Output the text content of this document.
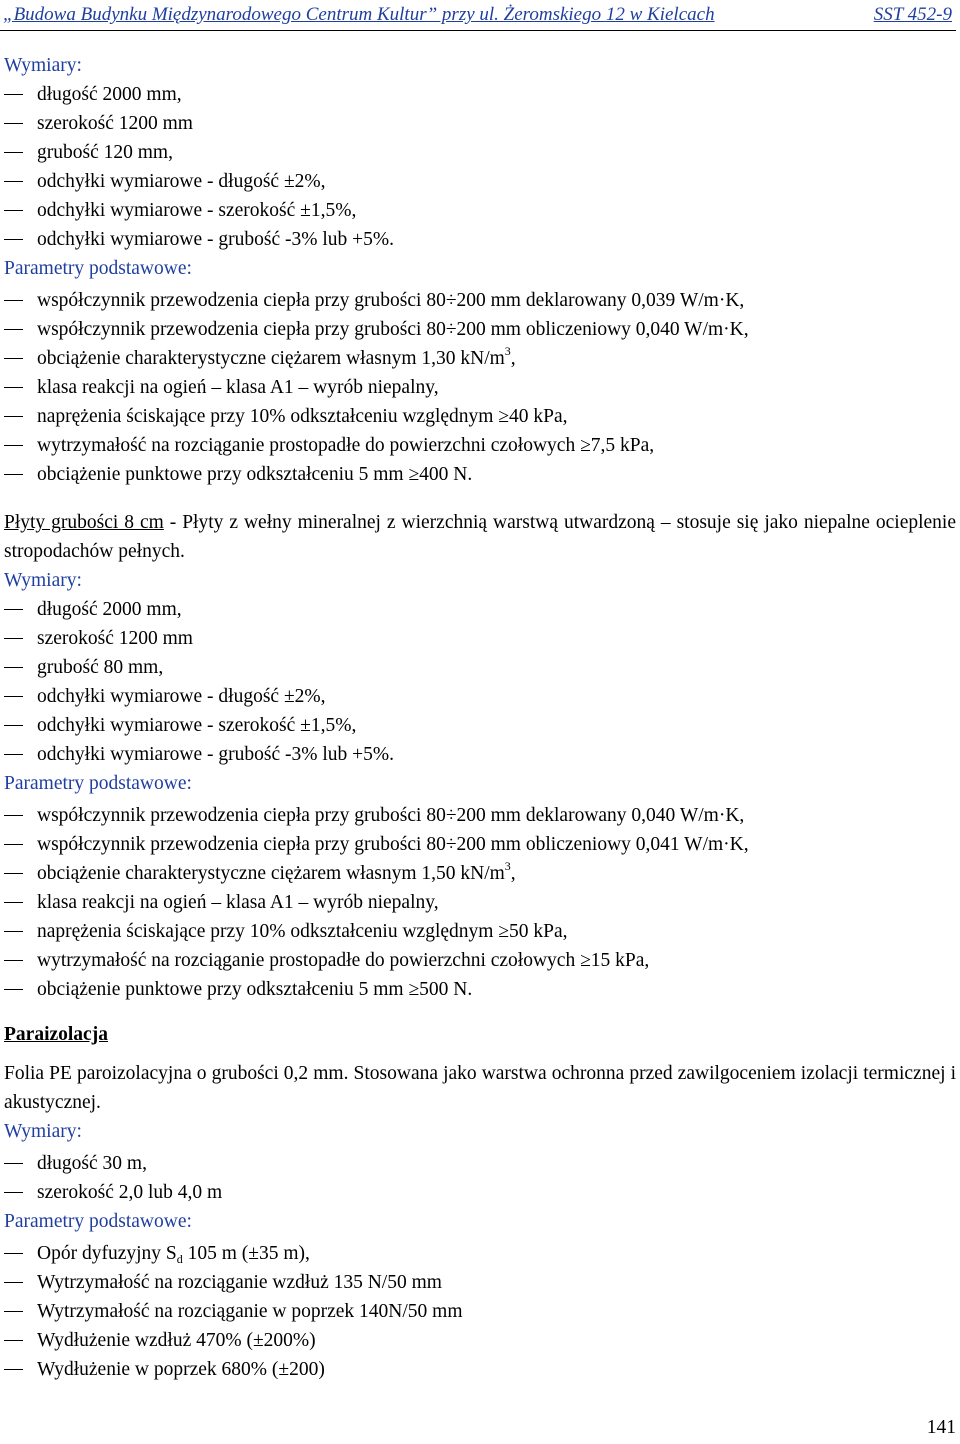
„Budowa Budynku Międzynarodowego Centrum Kultur” przy ul. Żeromskiego 12 w Kielcach	SST 452-9

Wymiary:

długość 2000 mm,
szerokość 1200 mm
grubość 120 mm,
odchyłki wymiarowe - długość ±2%,
odchyłki wymiarowe - szerokość ±1,5%,
odchyłki wymiarowe - grubość -3% lub +5%.

Parametry podstawowe:

współczynnik przewodzenia ciepła przy grubości 80÷200 mm deklarowany 0,039 W/m·K,
współczynnik przewodzenia ciepła przy grubości 80÷200 mm obliczeniowy 0,040 W/m·K,
obciążenie charakterystyczne ciężarem własnym 1,30 $kN/m^3$,
klasa reakcji na ogień – klasa A1 – wyrób niepalny,
naprężenia ściskające przy 10% odkształceniu względnym ≥40 kPa,
wytrzymałość na rozciąganie prostopadłe do powierzchni czołowych ≥7,5 kPa,
obciążenie punktowe przy odkształceniu 5 mm ≥400 N.

Płyty grubości 8 cm - Płyty z wełny mineralnej z wierzchnią warstwą utwardzoną – stosuje się jako niepalne ocieplenie stropodachów pełnych.

Wymiary:

długość 2000 mm,
szerokość 1200 mm
grubość 80 mm,
odchyłki wymiarowe - długość ±2%,
odchyłki wymiarowe - szerokość ±1,5%,
odchyłki wymiarowe - grubość -3% lub +5%.

Parametry podstawowe:

współczynnik przewodzenia ciepła przy grubości 80÷200 mm deklarowany 0,040 W/m·K,
współczynnik przewodzenia ciepła przy grubości 80÷200 mm obliczeniowy 0,041 W/m·K,
obciążenie charakterystyczne ciężarem własnym 1,50 $kN/m^3$,
klasa reakcji na ogień – klasa A1 – wyrób niepalny,
naprężenia ściskające przy 10% odkształceniu względnym ≥50 kPa,
wytrzymałość na rozciąganie prostopadłe do powierzchni czołowych ≥15 kPa,
obciążenie punktowe przy odkształceniu 5 mm ≥500 N.

Paraizolacja

Folia PE paroizolacyjna o grubości 0,2 mm. Stosowana jako warstwa ochronna przed zawilgoceniem izolacji termicznej i akustycznej.

Wymiary:

długość 30 m,
szerokość 2,0 lub 4,0 m

Parametry podstawowe:

Opór dyfuzyjny $S_d$ 105 m (±35 m),
Wytrzymałość na rozciąganie wzdłuż 135 N/50 mm
Wytrzymałość na rozciąganie w poprzek 140N/50 mm
Wydłużenie wzdłuż 470% (±200%)
Wydłużenie w poprzek 680% (±200)
141
